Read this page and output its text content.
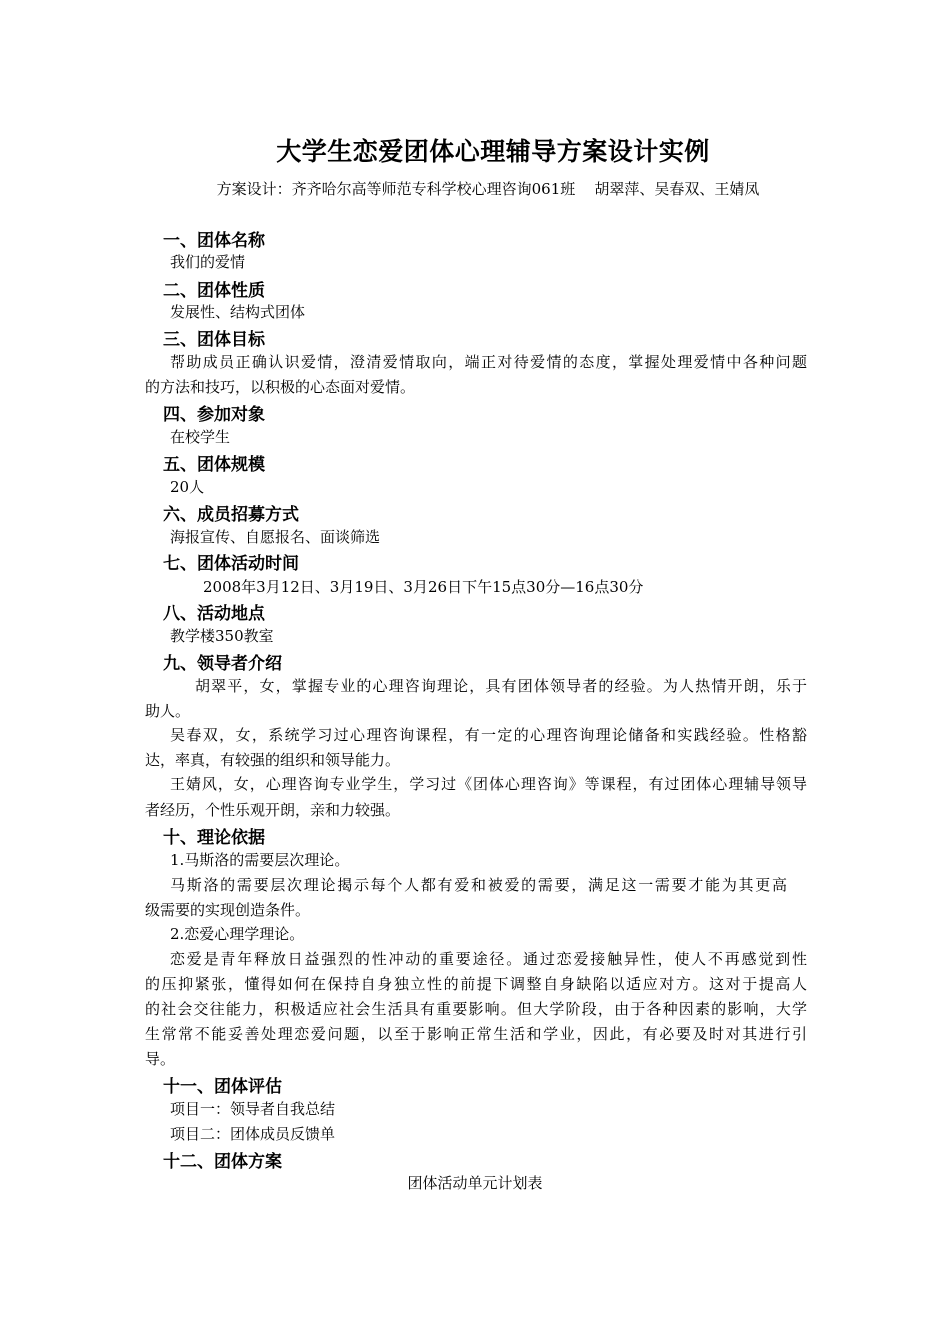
大学生恋爱团体心理辅导方案设计实例
方案设计：齐齐哈尔高等师范专科学校心理咨询061班    胡翠萍、吴春双、王婧凤
一、团体名称
我们的爱情
二、团体性质
发展性、结构式团体
三、团体目标
帮助成员正确认识爱情，澄清爱情取向，端正对待爱情的态度，掌握处理爱情中各种问题
的方法和技巧，以积极的心态面对爱情。
四、参加对象
在校学生
五、团体规模
20人
六、成员招募方式
海报宣传、自愿报名、面谈筛选
七、团体活动时间
2008年3月12日、3月19日、3月26日下午15点30分—16点30分
八、活动地点
教学楼350教室
九、领导者介绍
胡翠平，女，掌握专业的心理咨询理论，具有团体领导者的经验。为人热情开朗，乐于
助人。
吴春双，女，系统学习过心理咨询课程，有一定的心理咨询理论储备和实践经验。性格豁
达，率真，有较强的组织和领导能力。
王婧风，女，心理咨询专业学生，学习过《团体心理咨询》等课程，有过团体心理辅导领导
者经历，个性乐观开朗，亲和力较强。
十、理论依据
1.马斯洛的需要层次理论。
马斯洛的需要层次理论揭示每个人都有爱和被爱的需要，满足这一需要才能为其更高
级需要的实现创造条件。
2.恋爱心理学理论。
恋爱是青年释放日益强烈的性冲动的重要途径。通过恋爱接触异性，使人不再感觉到性
的压抑紧张，懂得如何在保持自身独立性的前提下调整自身缺陷以适应对方。这对于提高人
的社会交往能力，积极适应社会生活具有重要影响。但大学阶段，由于各种因素的影响，大学
生常常不能妥善处理恋爱问题，以至于影响正常生活和学业，因此，有必要及时对其进行引
导。
十一、团体评估
项目一：领导者自我总结
项目二：团体成员反馈单
十二、团体方案
团体活动单元计划表
